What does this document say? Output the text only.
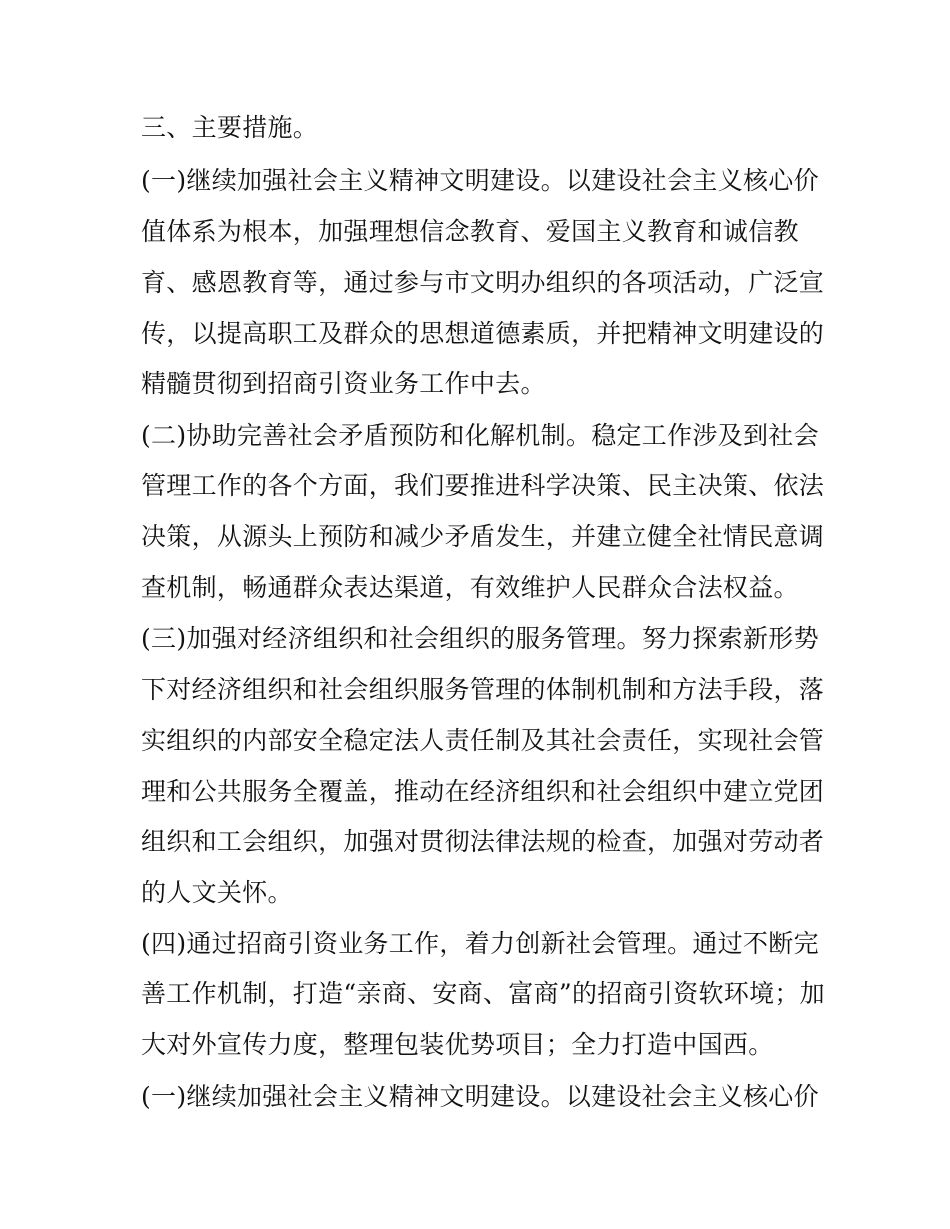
三、主要措施。
(一)继续加强社会主义精神文明建设。以建设社会主义核心价
值体系为根本，加强理想信念教育、爱国主义教育和诚信教
育、感恩教育等，通过参与市文明办组织的各项活动，广泛宣
传，以提高职工及群众的思想道德素质，并把精神文明建设的
精髓贯彻到招商引资业务工作中去。
(二)协助完善社会矛盾预防和化解机制。稳定工作涉及到社会
管理工作的各个方面，我们要推进科学决策、民主决策、依法
决策，从源头上预防和减少矛盾发生，并建立健全社情民意调
查机制，畅通群众表达渠道，有效维护人民群众合法权益。
(三)加强对经济组织和社会组织的服务管理。努力探索新形势
下对经济组织和社会组织服务管理的体制机制和方法手段，落
实组织的内部安全稳定法人责任制及其社会责任，实现社会管
理和公共服务全覆盖，推动在经济组织和社会组织中建立党团
组织和工会组织，加强对贯彻法律法规的检查，加强对劳动者
的人文关怀。
(四)通过招商引资业务工作，着力创新社会管理。通过不断完
善工作机制，打造“亲商、安商、富商”的招商引资软环境；加
大对外宣传力度，整理包装优势项目；全力打造中国西。
(一)继续加强社会主义精神文明建设。以建设社会主义核心价
